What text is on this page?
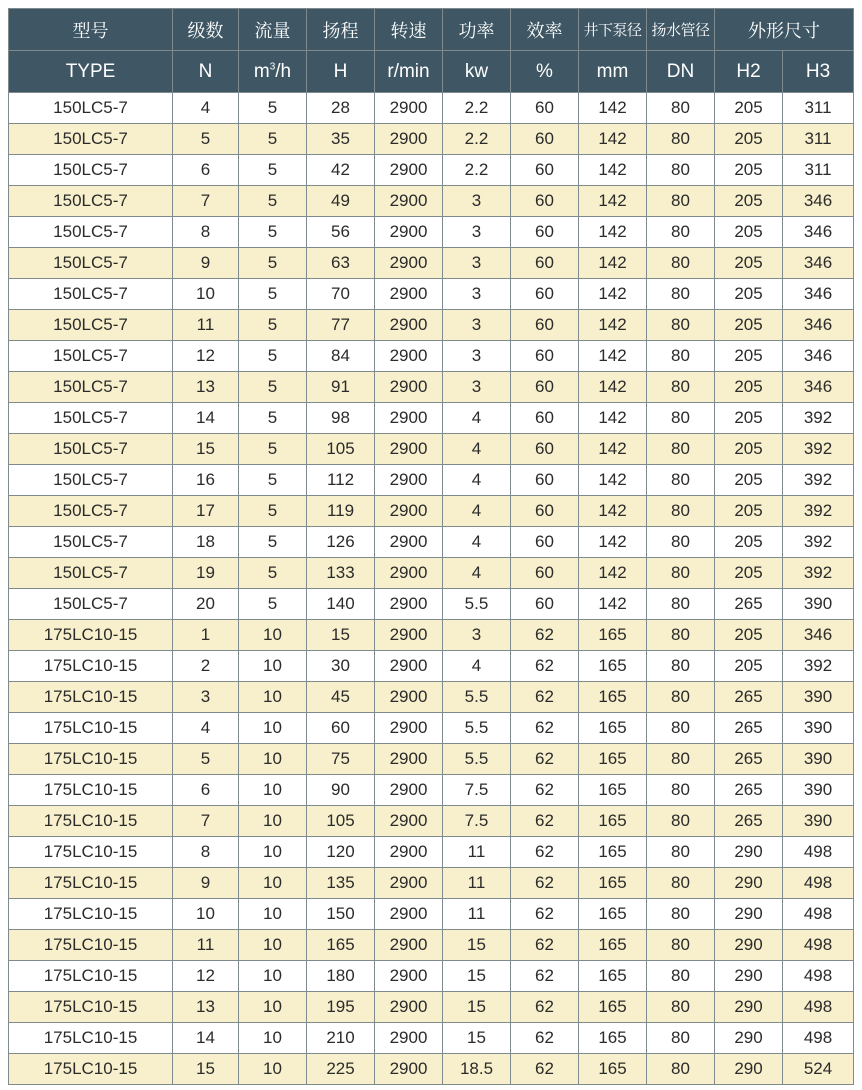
型号	级数	流量	扬程	转速	功率	效率	井下泵径	扬水管径	外形尺寸	
TYPE	N	$m^3/h$	H	r/min	kw	%	mm	DN	H2	H3
150LC5-7	4	5	28	2900	2.2	60	142	80	205	311
150LC5-7	5	5	35	2900	2.2	60	142	80	205	311
150LC5-7	6	5	42	2900	2.2	60	142	80	205	311
150LC5-7	7	5	49	2900	3	60	142	80	205	346
150LC5-7	8	5	56	2900	3	60	142	80	205	346
150LC5-7	9	5	63	2900	3	60	142	80	205	346
150LC5-7	10	5	70	2900	3	60	142	80	205	346
150LC5-7	11	5	77	2900	3	60	142	80	205	346
150LC5-7	12	5	84	2900	3	60	142	80	205	346
150LC5-7	13	5	91	2900	3	60	142	80	205	346
150LC5-7	14	5	98	2900	4	60	142	80	205	392
150LC5-7	15	5	105	2900	4	60	142	80	205	392
150LC5-7	16	5	112	2900	4	60	142	80	205	392
150LC5-7	17	5	119	2900	4	60	142	80	205	392
150LC5-7	18	5	126	2900	4	60	142	80	205	392
150LC5-7	19	5	133	2900	4	60	142	80	205	392
150LC5-7	20	5	140	2900	5.5	60	142	80	265	390
175LC10-15	1	10	15	2900	3	62	165	80	205	346
175LC10-15	2	10	30	2900	4	62	165	80	205	392
175LC10-15	3	10	45	2900	5.5	62	165	80	265	390
175LC10-15	4	10	60	2900	5.5	62	165	80	265	390
175LC10-15	5	10	75	2900	5.5	62	165	80	265	390
175LC10-15	6	10	90	2900	7.5	62	165	80	265	390
175LC10-15	7	10	105	2900	7.5	62	165	80	265	390
175LC10-15	8	10	120	2900	11	62	165	80	290	498
175LC10-15	9	10	135	2900	11	62	165	80	290	498
175LC10-15	10	10	150	2900	11	62	165	80	290	498
175LC10-15	11	10	165	2900	15	62	165	80	290	498
175LC10-15	12	10	180	2900	15	62	165	80	290	498
175LC10-15	13	10	195	2900	15	62	165	80	290	498
175LC10-15	14	10	210	2900	15	62	165	80	290	498
175LC10-15	15	10	225	2900	18.5	62	165	80	290	524
